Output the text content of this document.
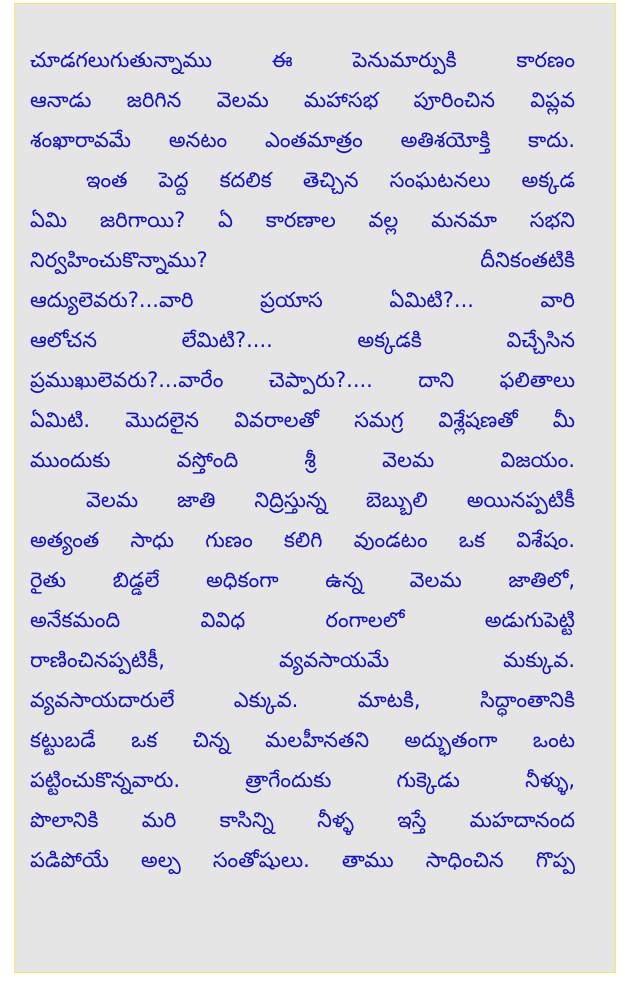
చూడగలుగుతున్నాము ఈ పెనుమార్పుకి కారణం
ఆనాడు జరిగిన వెలమ మహాసభ పూరించిన విప్లవ
శంఖారావమే అనటం ఎంతమాత్రం అతిశయోక్తి కాదు.
ఇంత పెద్ద కదలిక తెచ్చిన సంఘటనలు అక్కడ
ఏమి జరిగాయి? ఏ కారణాల వల్ల మనమా సభని
నిర్వహించుకొన్నాము? దీనికంతటికి
ఆద్యులెవరు?...వారి ప్రయాస ఏమిటి?... వారి
ఆలోచన లేమిటి?.... అక్కడకి విచ్చేసిన
ప్రముఖులెవరు?...వారేం చెప్పారు?.... దాని ఫలితాలు
ఏమిటి. మొదలైన వివరాలతో సమగ్ర విశ్లేషణతో మీ
ముందుకు వస్తోంది శ్రీ వెలమ విజయం.
వెలమ జాతి నిద్రిస్తున్న బెబ్బులి అయినప్పటికీ
అత్యంత సాధు గుణం కలిగి వుండటం ఒక విశేషం.
రైతు బిడ్డలే అధికంగా ఉన్న వెలమ జాతిలో,
అనేకమంది వివిధ రంగాలలో అడుగుపెట్టి
రాణించినప్పటికీ, వ్యవసాయమే మక్కువ.
వ్యవసాయదారులే ఎక్కువ. మాటకి, సిద్ధాంతానికి
కట్టుబడే ఒక చిన్న మలహీనతని అద్భుతంగా ఒంట
పట్టించుకొన్నవారు. త్రాగేందుకు గుక్కెడు నీళ్ళు,
పొలానికి మరి కాసిన్ని నీళ్ళ ఇస్తే మహదానంద
పడిపోయే అల్ప సంతోషులు. తాము సాధించిన గొప్ప
